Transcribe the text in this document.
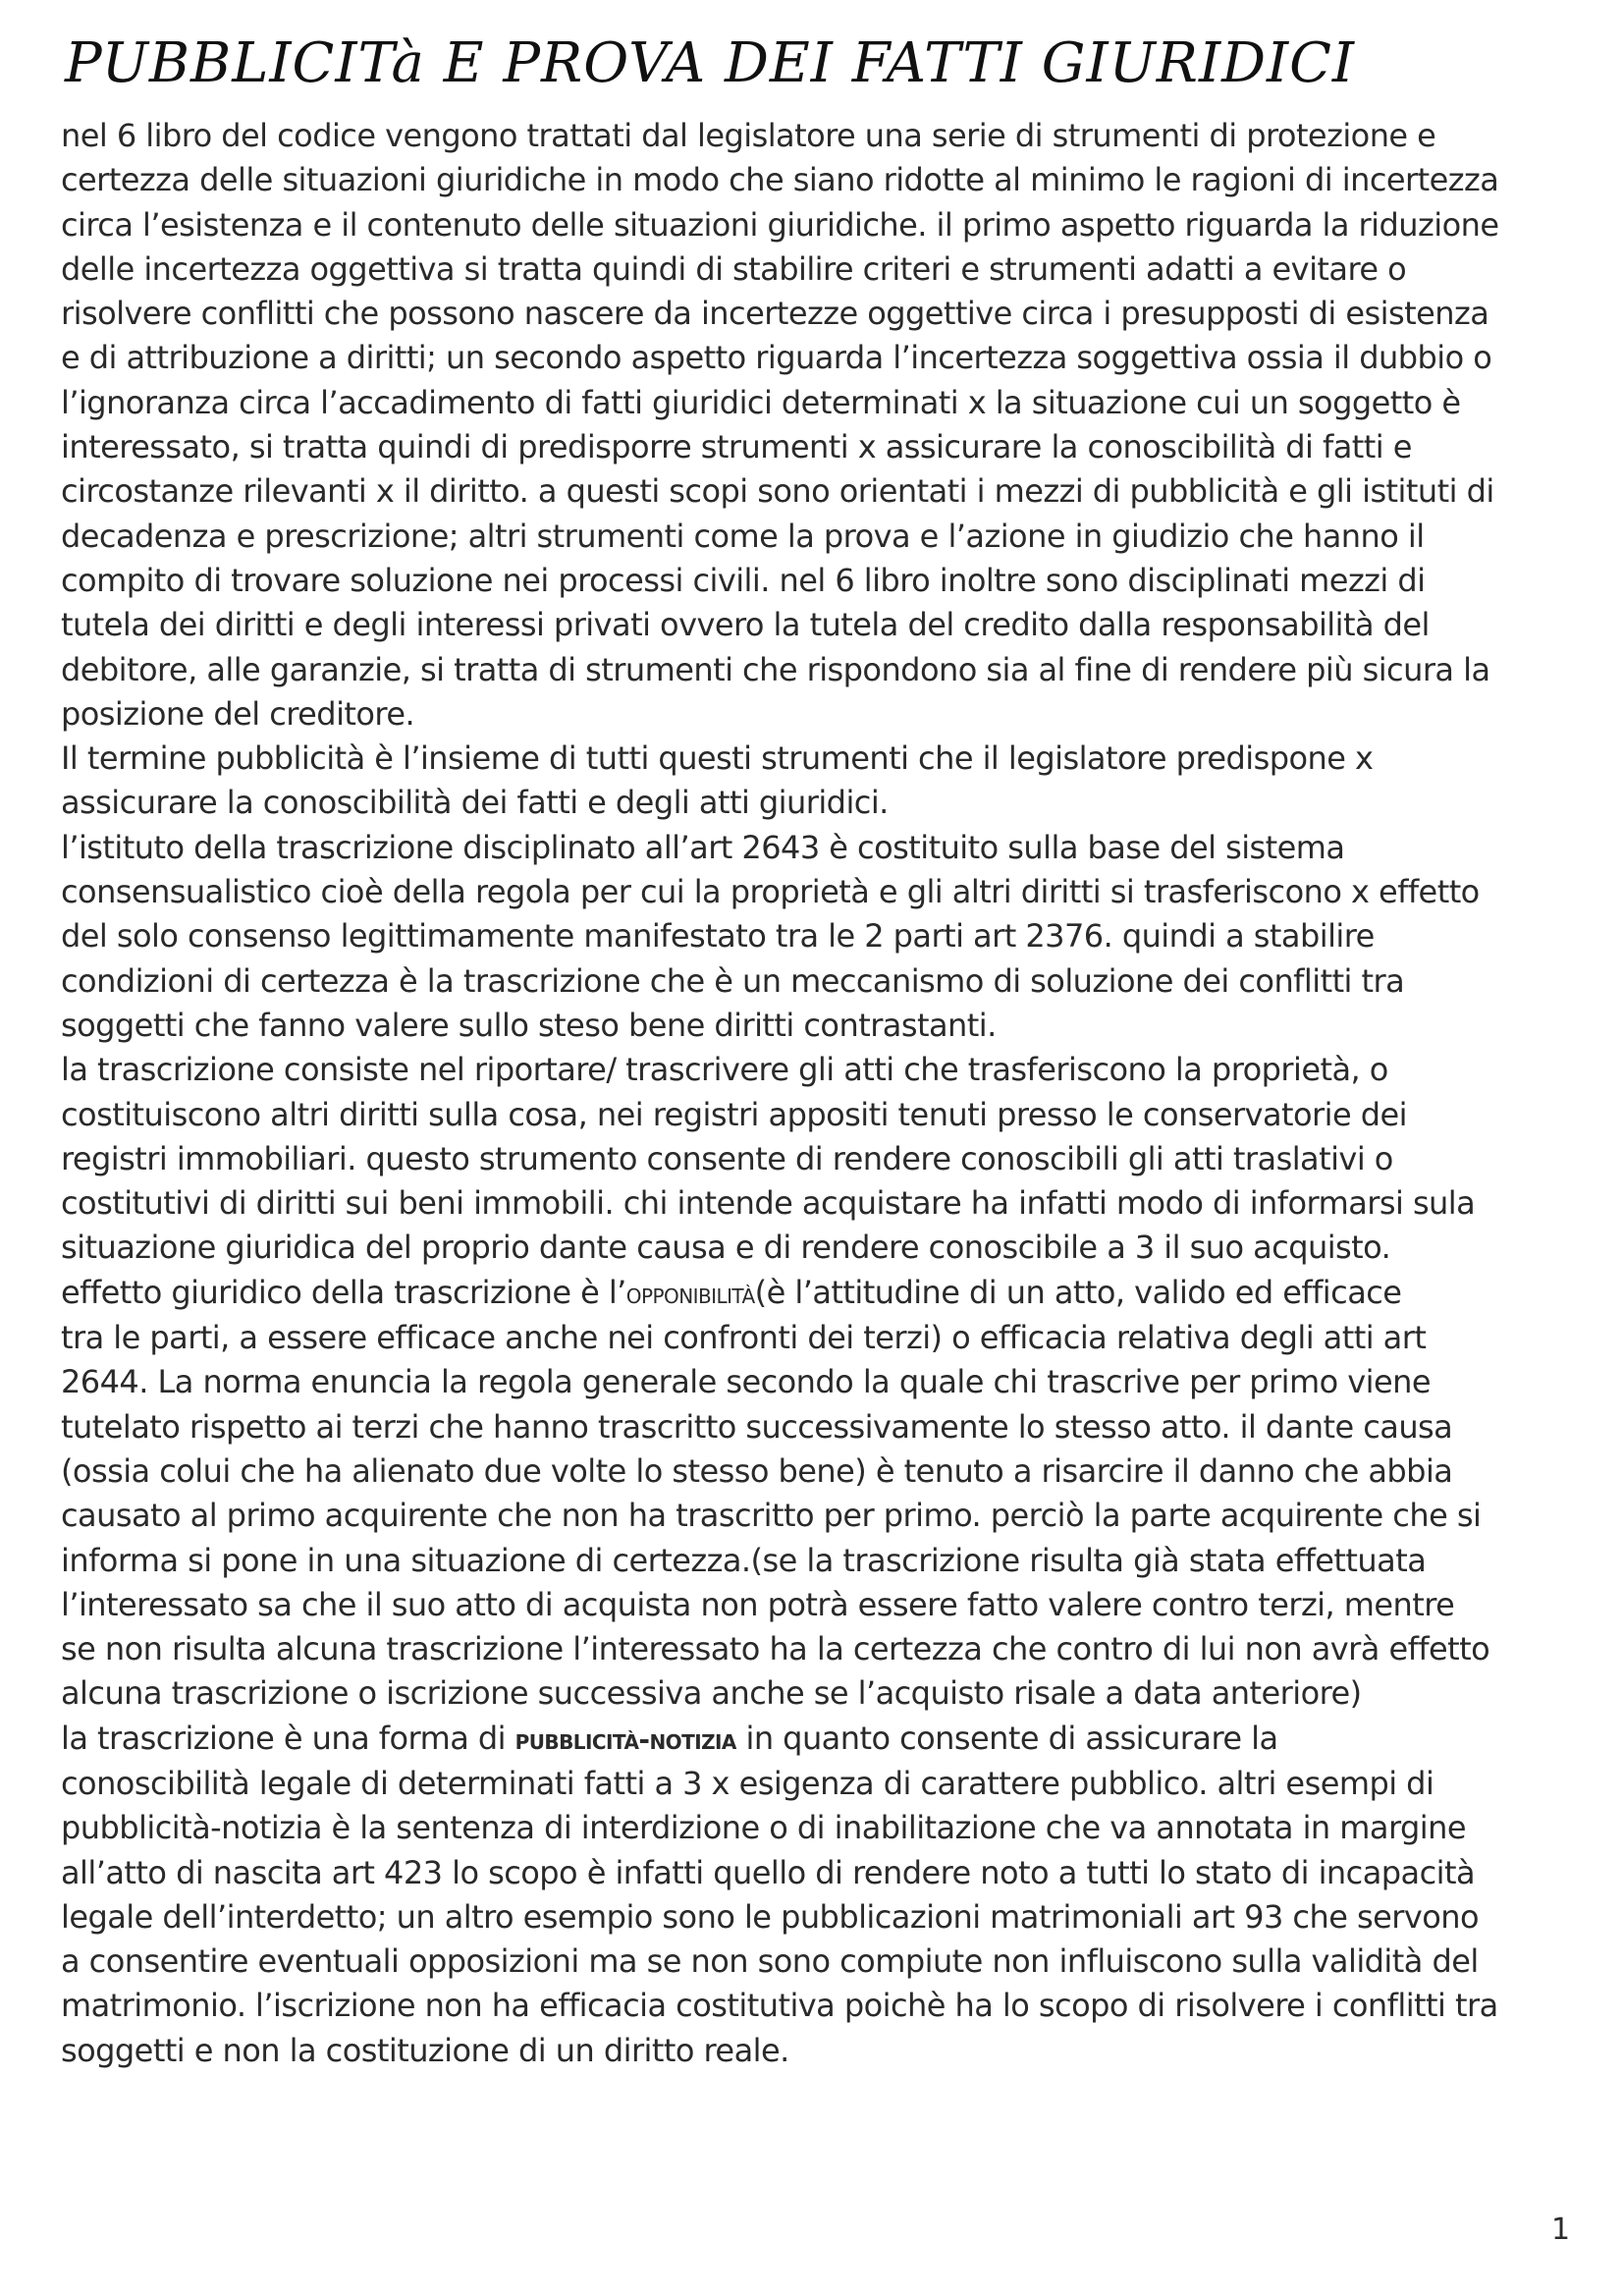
PUBBLICITà E PROVA DEI FATTI GIURIDICI
nel 6 libro del codice vengono trattati dal legislatore una serie di strumenti di protezione e
certezza delle situazioni giuridiche in modo che siano ridotte al minimo le ragioni di incertezza
circa l’esistenza e il contenuto delle situazioni giuridiche. il primo aspetto riguarda la riduzione
delle incertezza oggettiva si tratta quindi di stabilire criteri e strumenti adatti a evitare o
risolvere conflitti che possono nascere da incertezze oggettive circa i presupposti di esistenza
e di attribuzione a diritti; un secondo aspetto riguarda l’incertezza soggettiva ossia il dubbio o
l’ignoranza circa l’accadimento di fatti giuridici determinati x la situazione cui un soggetto è
interessato, si tratta quindi di predisporre strumenti x assicurare la conoscibilità di fatti e
circostanze rilevanti x il diritto. a questi scopi sono orientati i mezzi di pubblicità e gli istituti di
decadenza e prescrizione; altri strumenti come la prova e l’azione in giudizio che hanno il
compito di trovare soluzione nei processi civili. nel 6 libro inoltre sono disciplinati mezzi di
tutela dei diritti e degli interessi privati ovvero la tutela del credito dalla responsabilità del
debitore, alle garanzie, si tratta di strumenti che rispondono sia al fine di rendere più sicura la
posizione del creditore.
Il termine pubblicità è l’insieme di tutti questi strumenti che il legislatore predispone x
assicurare la conoscibilità dei fatti e degli atti giuridici.
l’istituto della trascrizione disciplinato all’art 2643 è costituito sulla base del sistema
consensualistico cioè della regola per cui la proprietà e gli altri diritti si trasferiscono x effetto
del solo consenso legittimamente manifestato tra le 2 parti art 2376. quindi a stabilire
condizioni di certezza è la trascrizione che è un meccanismo di soluzione dei conflitti tra
soggetti che fanno valere sullo steso bene diritti contrastanti.
la trascrizione consiste nel riportare/ trascrivere gli atti che trasferiscono la proprietà, o
costituiscono altri diritti sulla cosa, nei registri appositi tenuti presso le conservatorie dei
registri immobiliari. questo strumento consente di rendere conoscibili gli atti traslativi o
costitutivi di diritti sui beni immobili. chi intende acquistare ha infatti modo di informarsi sula
situazione giuridica del proprio dante causa e di rendere conoscibile a 3 il suo acquisto.
effetto giuridico della trascrizione è l’opponibilità(è l’attitudine di un atto, valido ed efficace
tra le parti, a essere efficace anche nei confronti dei terzi) o efficacia relativa degli atti art
2644. La norma enuncia la regola generale secondo la quale chi trascrive per primo viene
tutelato rispetto ai terzi che hanno trascritto successivamente lo stesso atto. il dante causa
(ossia colui che ha alienato due volte lo stesso bene) è tenuto a risarcire il danno che abbia
causato al primo acquirente che non ha trascritto per primo. perciò la parte acquirente che si
informa si pone in una situazione di certezza.(se la trascrizione risulta già stata effettuata
l’interessato sa che il suo atto di acquista non potrà essere fatto valere contro terzi, mentre
se non risulta alcuna trascrizione l’interessato ha la certezza che contro di lui non avrà effetto
alcuna trascrizione o iscrizione successiva anche se l’acquisto risale a data anteriore)
la trascrizione è una forma di pubblicità-notizia in quanto consente di assicurare la
conoscibilità legale di determinati fatti a 3 x esigenza di carattere pubblico. altri esempi di
pubblicità-notizia è la sentenza di interdizione o di inabilitazione che va annotata in margine
all’atto di nascita art 423 lo scopo è infatti quello di rendere noto a tutti lo stato di incapacità
legale dell’interdetto; un altro esempio sono le pubblicazioni matrimoniali art 93 che servono
a consentire eventuali opposizioni ma se non sono compiute non influiscono sulla validità del
matrimonio. l’iscrizione non ha efficacia costitutiva poichè ha lo scopo di risolvere i conflitti tra
soggetti e non la costituzione di un diritto reale.
1
